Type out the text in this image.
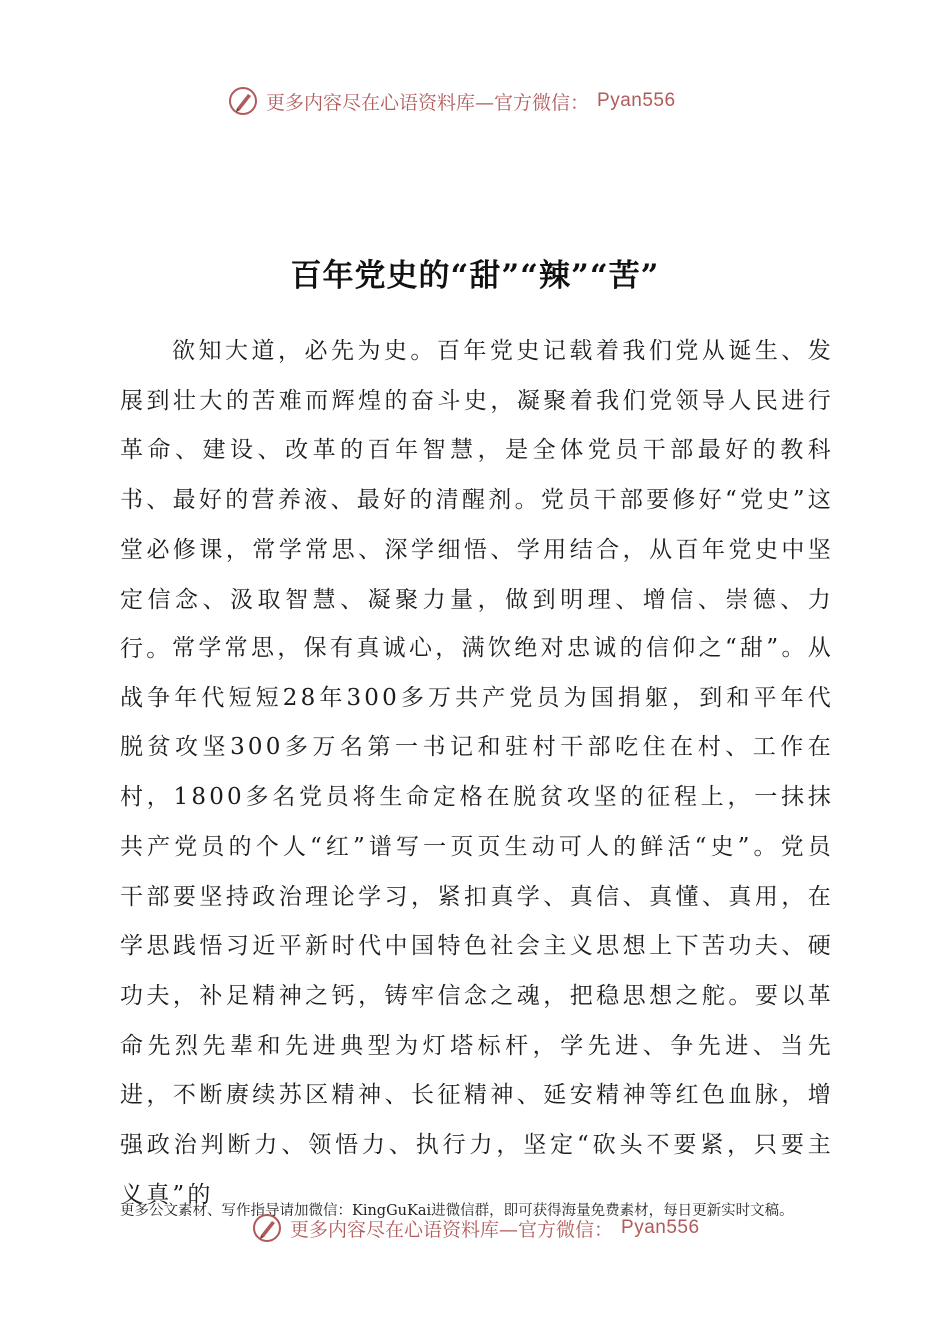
更多内容尽在心语资料库—官方微信： Pyan556
百年党史的“甜”“辣”“苦”

欲知大道，必先为史。百年党史记载着我们党从诞生、发展到壮大的苦难而辉煌的奋斗史，凝聚着我们党领导人民进行革命、建设、改革的百年智慧，是全体党员干部最好的教科书、最好的营养液、最好的清醒剂。党员干部要修好“党史”这堂必修课，常学常思、深学细悟、学用结合，从百年党史中坚定信念、汲取智慧、凝聚力量，做到明理、增信、崇德、力行。 常学常思，保有真诚心，满饮绝对忠诚的信仰之“甜”。从战争年代短短28年300多万共产党员为国捐躯，到和平年代脱贫攻坚300多万名第一书记和驻村干部吃住在村、工作在村，1800多名党员将生命定格在脱贫攻坚的征程上，一抹抹共产党员的个人“红”谱写一页页生动可人的鲜活“史”。党员干部要坚持政治理论学习，紧扣真学、真信、真懂、真用，在学思践悟习近平新时代中国特色社会主义思想上下苦功夫、硬功夫，补足精神之钙，铸牢信念之魂，把稳思想之舵。要以革命先烈先辈和先进典型为灯塔标杆，学先进、争先进、当先进，不断赓续苏区精神、长征精神、延安精神等红色血脉，增强政治判断力、领悟力、执行力，坚定“砍头不要紧，只要主义真”的

更多公文素材、写作指导请加微信：KingGuKai进微信群，即可获得海量免费素材，每日更新实时文稿。

更多内容尽在心语资料库—官方微信： Pyan556
